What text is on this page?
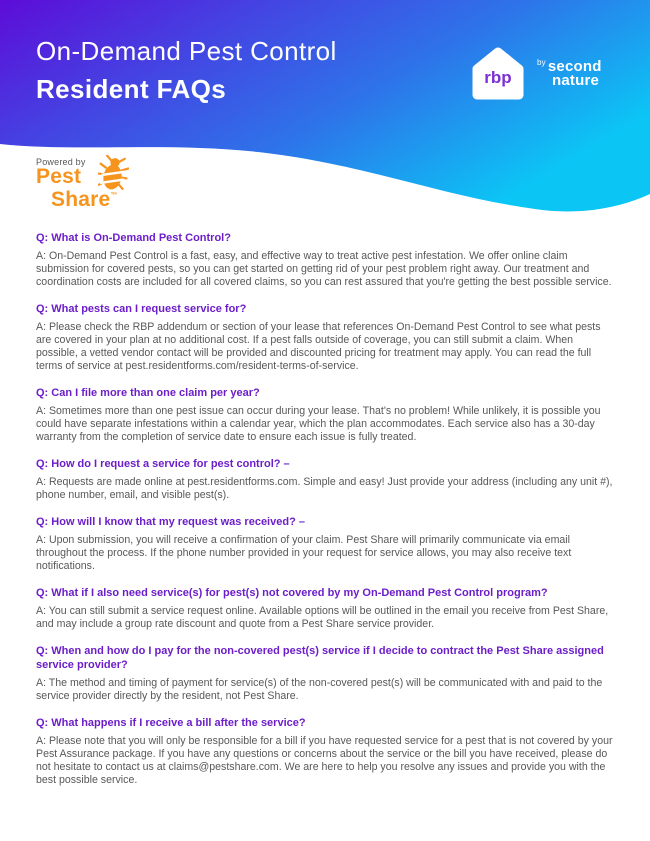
On-Demand Pest Control
Resident FAQs	rbp
$^{by}$ second
nature
Powered by
Pest
Share™
Q: What is On-Demand Pest Control?
A: On-Demand Pest Control is a fast, easy, and effective way to treat active pest infestation. We offer online claim submission for covered pests, so you can get started on getting rid of your pest problem right away. Our treatment and coordination costs are included for all covered claims, so you can rest assured that you're getting the best possible service.
Q: What pests can I request service for?
A: Please check the RBP addendum or section of your lease that references On-Demand Pest Control to see what pests are covered in your plan at no additional cost. If a pest falls outside of coverage, you can still submit a claim. When possible, a vetted vendor contact will be provided and discounted pricing for treatment may apply. You can read the full terms of service at pest.residentforms.com/resident-terms-of-service.
Q: Can I file more than one claim per year?
A: Sometimes more than one pest issue can occur during your lease. That's no problem! While unlikely, it is possible you could have separate infestations within a calendar year, which the plan accommodates. Each service also has a 30-day warranty from the completion of service date to ensure each issue is fully treated.
Q: How do I request a service for pest control? –
A: Requests are made online at pest.residentforms.com. Simple and easy! Just provide your address (including any unit #), phone number, email, and visible pest(s).
Q: How will I know that my request was received? –
A: Upon submission, you will receive a confirmation of your claim. Pest Share will primarily communicate via email throughout the process. If the phone number provided in your request for service allows, you may also receive text notifications.
Q: What if I also need service(s) for pest(s) not covered by my On-Demand Pest Control program?
A: You can still submit a service request online. Available options will be outlined in the email you receive from Pest Share, and may include a group rate discount and quote from a Pest Share service provider.
Q: When and how do I pay for the non-covered pest(s) service if I decide to contract the Pest Share assigned service provider?
A: The method and timing of payment for service(s) of the non-covered pest(s) will be communicated with and paid to the service provider directly by the resident, not Pest Share.
Q: What happens if I receive a bill after the service?
A: Please note that you will only be responsible for a bill if you have requested service for a pest that is not covered by your Pest Assurance package. If you have any questions or concerns about the service or the bill you have received, please do not hesitate to contact us at claims@pestshare.com. We are here to help you resolve any issues and provide you with the best possible service.
